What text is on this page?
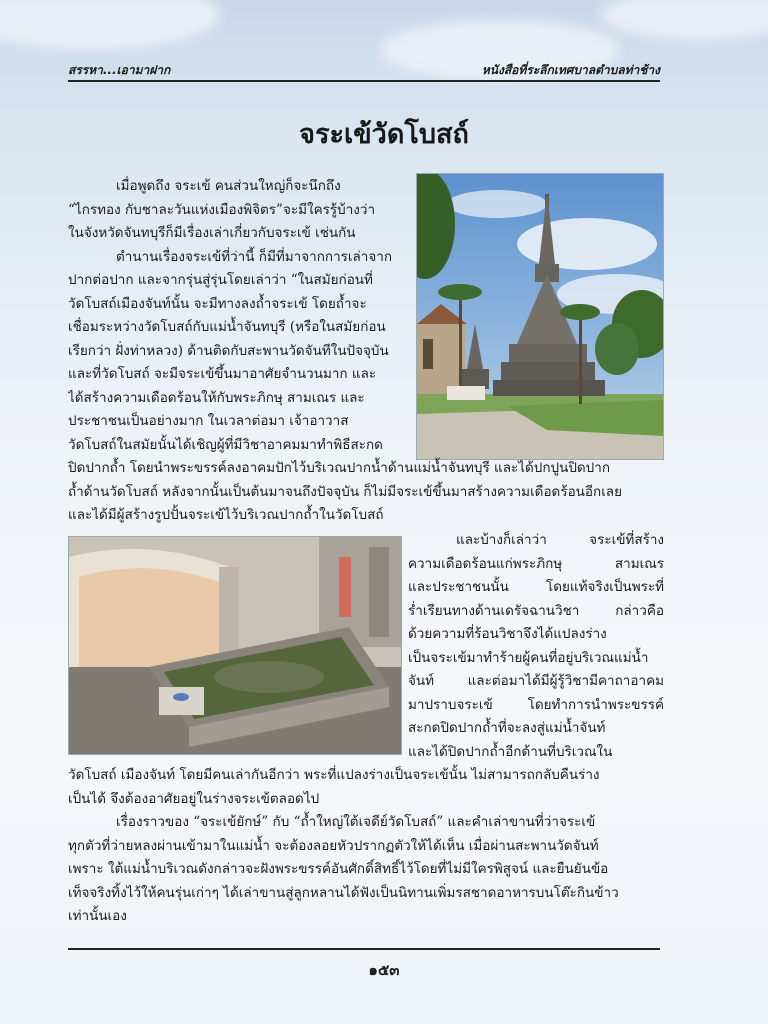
สรรหา...เอามาฝาก	หนังสือที่ระลึกเทศบาลตำบลท่าช้าง
จระเข้วัดโบสถ์
เมื่อพูดถึง จระเข้ คนส่วนใหญ่ก็จะนึกถึง
“ไกรทอง กับชาละวันแห่งเมืองพิจิตร”จะมีใครรู้บ้างว่า
ในจังหวัดจันทบุรีก็มีเรื่องเล่าเกี่ยวกับจระเข้ เช่นกัน
ตำนานเรื่องจระเข้ที่ว่านี้ ก็มีที่มาจากการเล่าจาก
ปากต่อปาก และจากรุ่นสู่รุ่นโดยเล่าว่า “ในสมัยก่อนที่
วัดโบสถ์เมืองจันท์นั้น จะมีทางลงถ้ำจระเข้ โดยถ้ำจะ
เชื่อมระหว่างวัดโบสถ์กับแม่น้ำจันทบุรี (หรือในสมัยก่อน
เรียกว่า ฝั่งท่าหลวง) ด้านติดกับสะพานวัดจันทีในปัจจุบัน
และที่วัดโบสถ์ จะมีจระเข้ขึ้นมาอาศัยจำนวนมาก และ
ได้สร้างความเดือดร้อนให้กับพระภิกษุ สามเณร และ
ประชาชนเป็นอย่างมาก ในเวลาต่อมา เจ้าอาวาส
วัดโบสถ์ในสมัยนั้นได้เชิญผู้ที่มีวิชาอาคมมาทำพิธีสะกด
ปิดปากถ้ำ โดยนำพระขรรค์ลงอาคมปักไว้บริเวณปากน้ำด้านแม่น้ำจันทบุรี และได้ปกปูนปิดปาก
ถ้ำด้านวัดโบสถ์ หลังจากนั้นเป็นต้นมาจนถึงปัจจุบัน ก็ไม่มีจระเข้ขึ้นมาสร้างความเดือดร้อนอีกเลย
และได้มีผู้สร้างรูปปั้นจระเข้ไว้บริเวณปากถ้ำในวัดโบสถ์
และบ้างก็เล่าว่า จระเข้ที่สร้าง
ความเดือดร้อนแก่พระภิกษุ สามเณร
และประชาชนนั้น โดยแท้จริงเป็นพระที่
ร่ำเรียนทางด้านเดรัจฉานวิชา กล่าวคือ
ด้วยความที่ร้อนวิชาจึงได้แปลงร่าง
เป็นจระเข้มาทำร้ายผู้คนที่อยู่บริเวณแม่น้ำ
จันท์ และต่อมาได้มีผู้รู้วิชามีคาถาอาคม
มาปราบจระเข้ โดยทำการนำพระขรรค์
สะกดปิดปากถ้ำที่จะลงสู่แม่น้ำจันท์
และได้ปิดปากถ้ำอีกด้านที่บริเวณใน
วัดโบสถ์ เมืองจันท์ โดยมีคนเล่ากันอีกว่า พระที่แปลงร่างเป็นจระเข้นั้น ไม่สามารถกลับคืนร่าง
เป็นได้ จึงต้องอาศัยอยู่ในร่างจระเข้ตลอดไป
เรื่องราวของ “จระเข้ยักษ์” กับ “ถ้ำใหญ่ใต้เจดีย์วัดโบสถ์” และคำเล่าขานที่ว่าจระเข้
ทุกตัวที่ว่ายหลงผ่านเข้ามาในแม่น้ำ จะต้องลอยหัวปรากฏตัวให้ได้เห็น เมื่อผ่านสะพานวัดจันท์
เพราะ ใต้แม่น้ำบริเวณดังกล่าวจะฝังพระขรรค์อันศักดิ์สิทธิ์ไว้โดยที่ไม่มีใครพิสูจน์ และยืนยันข้อ
เท็จจริงทิ้งไว้ให้คนรุ่นเก่าๆ ได้เล่าขานสู่ลูกหลานได้ฟังเป็นนิทานเพิ่มรสชาดอาหารบนโต๊ะกินข้าว
เท่านั้นเอง
๑๕๓
